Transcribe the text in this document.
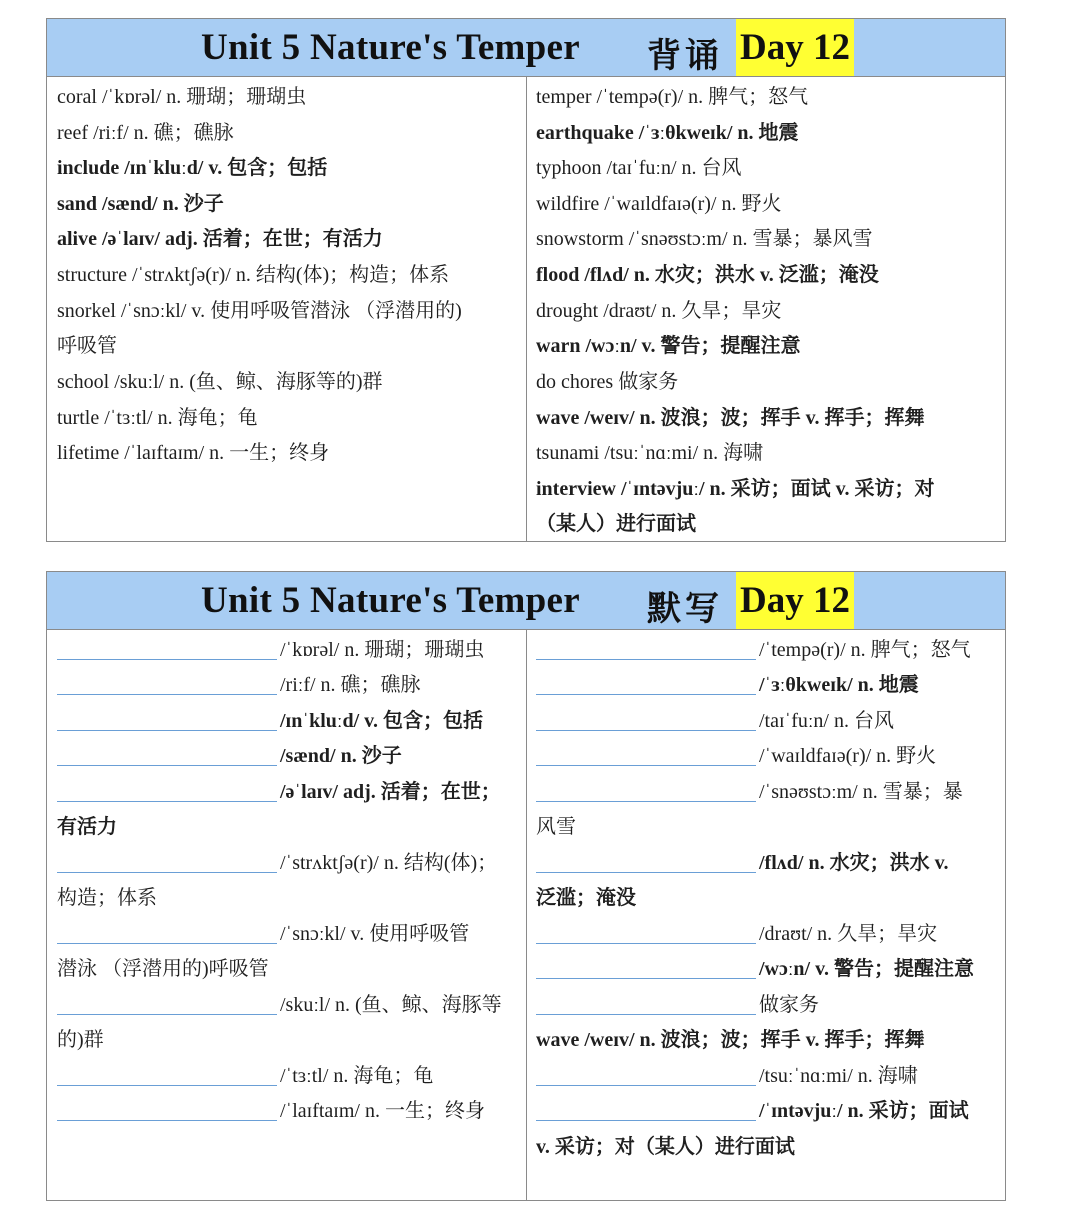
Unit 5 Nature's Temper 背诵 Day 12
coral /ˈkɒrəl/ n. 珊瑚；珊瑚虫
reef /riːf/ n. 礁；礁脉
include /ɪnˈkluːd/ v. 包含；包括
sand /sænd/ n. 沙子
alive /əˈlaɪv/ adj. 活着；在世；有活力
structure /ˈstrʌktʃə(r)/ n. 结构(体)；构造；体系
snorkel /ˈsnɔːkl/ v. 使用呼吸管潜泳 （浮潜用的)
呼吸管
school /skuːl/ n. (鱼、鲸、海豚等的)群
turtle /ˈtɜːtl/ n. 海龟；龟
lifetime /ˈlaɪftaɪm/ n. 一生；终身
temper /ˈtempə(r)/ n. 脾气；怒气
earthquake /ˈɜːθkweɪk/ n. 地震
typhoon /taɪˈfuːn/ n. 台风
wildfire /ˈwaɪldfaɪə(r)/ n. 野火
snowstorm /ˈsnəʊstɔːm/ n. 雪暴；暴风雪
flood /flʌd/ n. 水灾；洪水 v. 泛滥；淹没
drought /draʊt/ n. 久旱；旱灾
warn /wɔːn/ v. 警告；提醒注意
do chores 做家务
wave /weɪv/ n. 波浪；波；挥手 v. 挥手；挥舞
tsunami /tsuːˈnɑːmi/ n. 海啸
interview /ˈɪntəvjuː/ n. 采访；面试 v. 采访；对
（某人）进行面试
Unit 5 Nature's Temper 默写 Day 12
/ˈkɒrəl/ n. 珊瑚；珊瑚虫
/riːf/ n. 礁；礁脉
/ɪnˈkluːd/ v. 包含；包括
/sænd/ n. 沙子
/əˈlaɪv/ adj. 活着；在世；
有活力
/ˈstrʌktʃə(r)/ n. 结构(体)；
构造；体系
/ˈsnɔːkl/ v. 使用呼吸管
潜泳 （浮潜用的)呼吸管
/skuːl/ n. (鱼、鲸、海豚等
的)群
/ˈtɜːtl/ n. 海龟；龟
/ˈlaɪftaɪm/ n. 一生；终身
/ˈtempə(r)/ n. 脾气；怒气
/ˈɜːθkweɪk/ n. 地震
/taɪˈfuːn/ n. 台风
/ˈwaɪldfaɪə(r)/ n. 野火
/ˈsnəʊstɔːm/ n. 雪暴；暴
风雪
/flʌd/ n. 水灾；洪水 v.
泛滥；淹没
/draʊt/ n. 久旱；旱灾
/wɔːn/ v. 警告；提醒注意
做家务
wave /weɪv/ n. 波浪；波；挥手 v. 挥手；挥舞
/tsuːˈnɑːmi/ n. 海啸
/ˈɪntəvjuː/ n. 采访；面试
v. 采访；对（某人）进行面试
